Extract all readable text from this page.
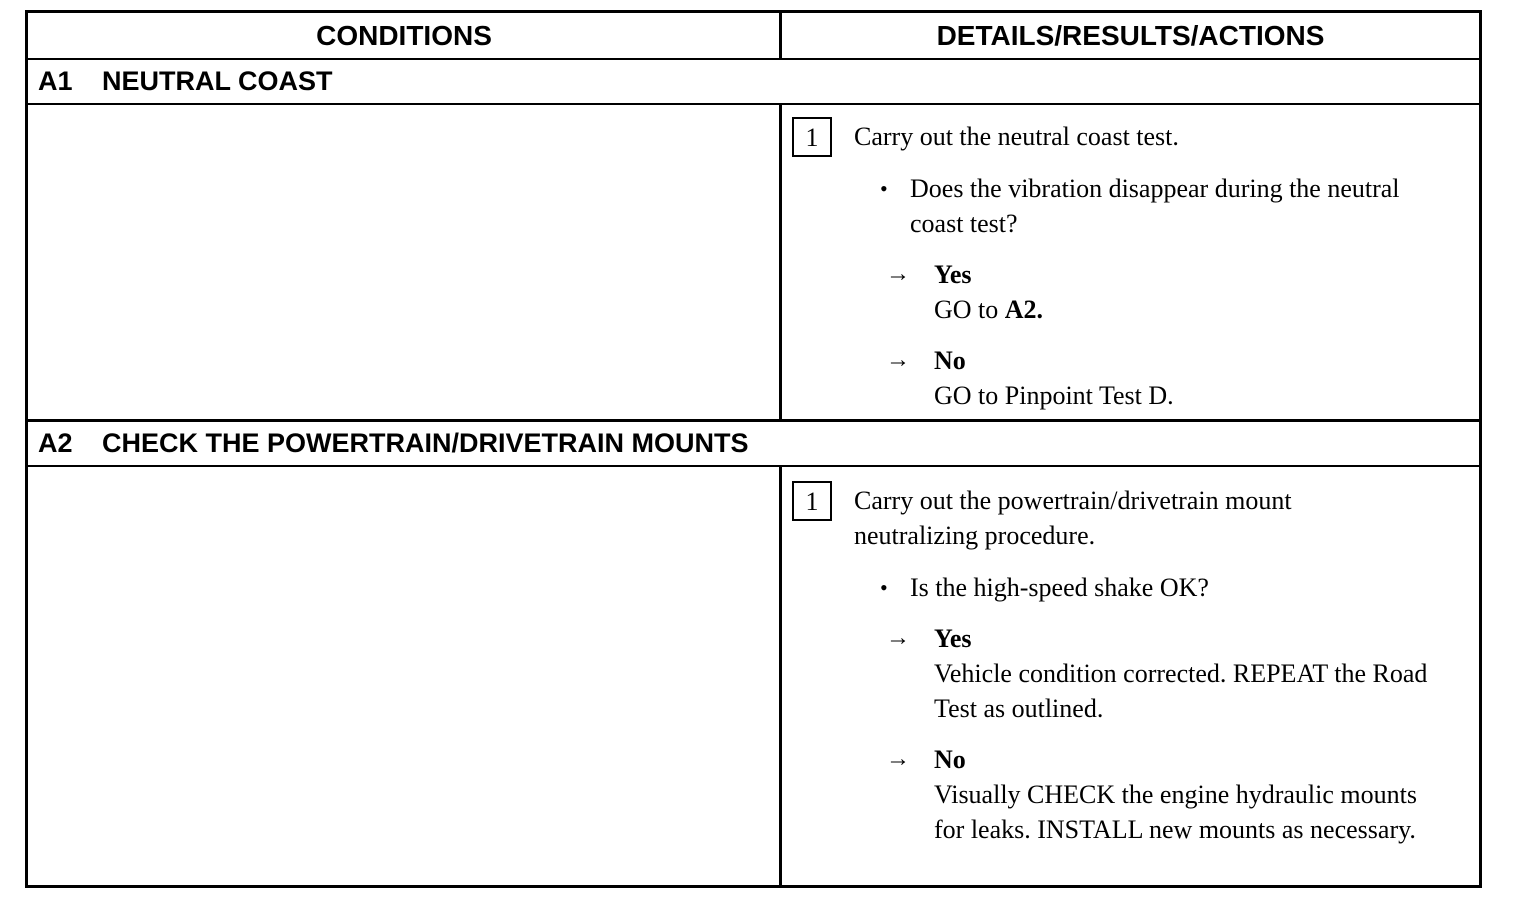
CONDITIONS	DETAILS/RESULTS/ACTIONS
A1	NEUTRAL COAST
1	Carry out the neutral coast test.
• Does the vibration disappear during the neutral coast test?
→ Yes
GO to A2.
→ No
GO to Pinpoint Test D.
A2	CHECK THE POWERTRAIN/DRIVETRAIN MOUNTS
1	Carry out the powertrain/drivetrain mount neutralizing procedure.
• Is the high-speed shake OK?
→ Yes
Vehicle condition corrected. REPEAT the Road Test as outlined.
→ No
Visually CHECK the engine hydraulic mounts for leaks. INSTALL new mounts as necessary.
